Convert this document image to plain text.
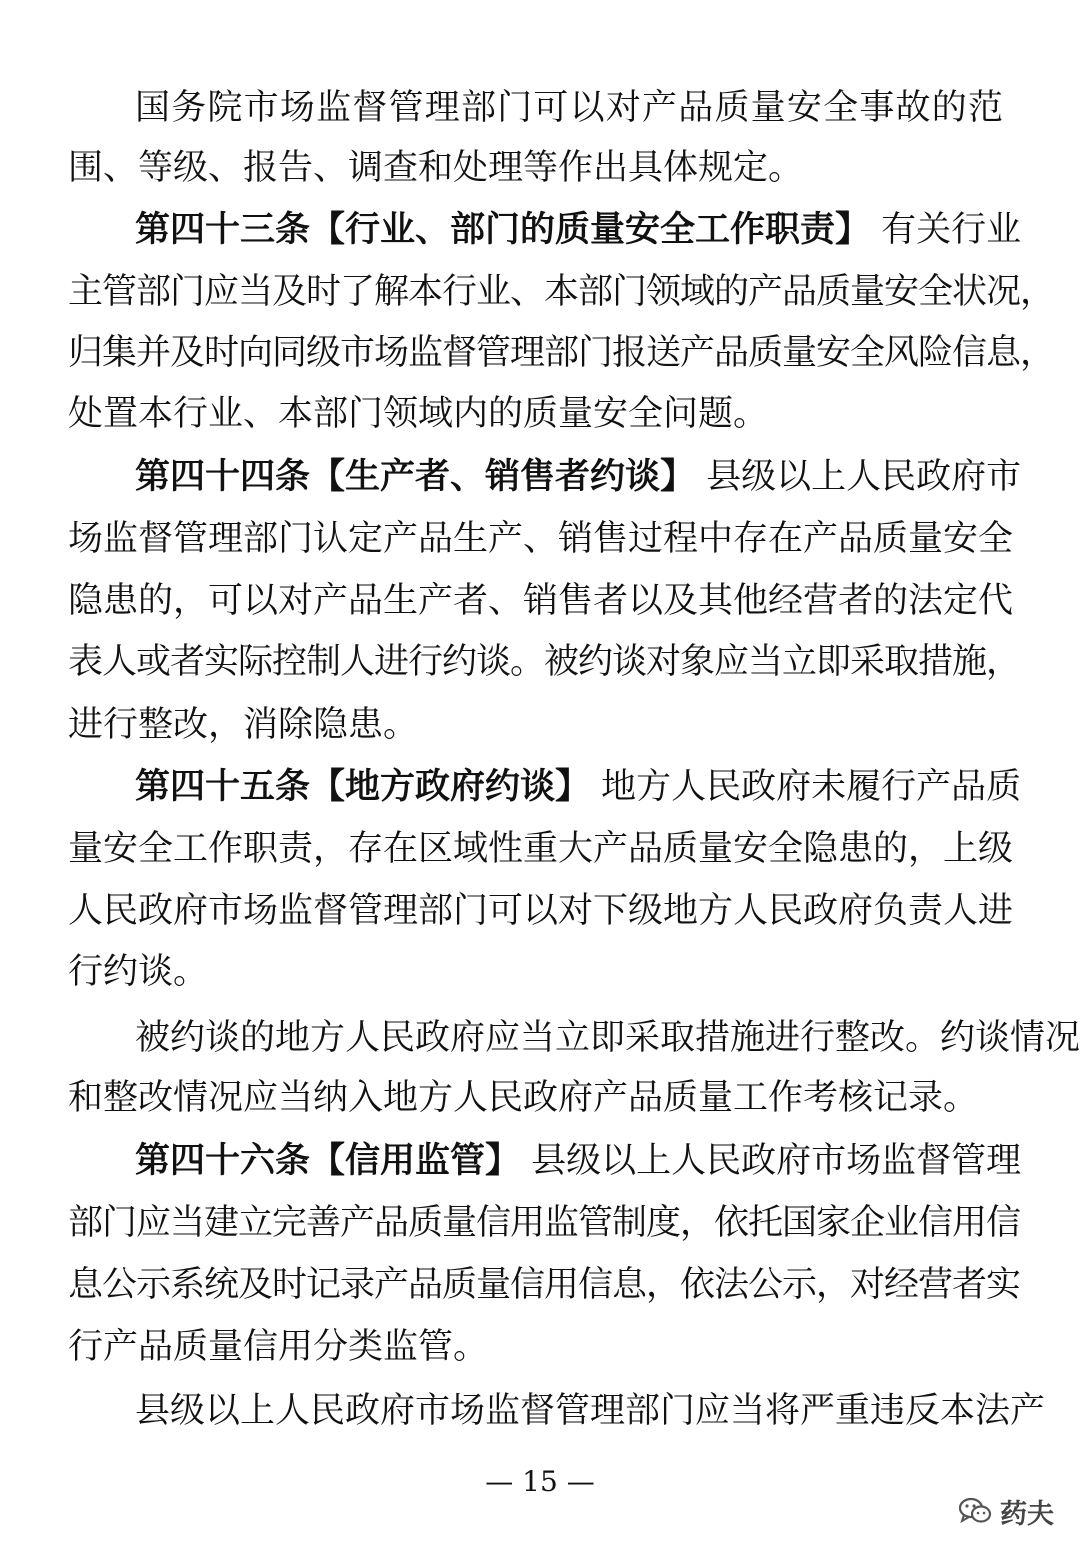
国务院市场监督管理部门可以对产品质量安全事故的范
围、等级、报告、调查和处理等作出具体规定。
第四十三条【行业、部门的质量安全工作职责】 有关行业
主管部门应当及时了解本行业、本部门领域的产品质量安全状况，
归集并及时向同级市场监督管理部门报送产品质量安全风险信息，
处置本行业、本部门领域内的质量安全问题。
第四十四条【生产者、销售者约谈】 县级以上人民政府市
场监督管理部门认定产品生产、销售过程中存在产品质量安全
隐患的，可以对产品生产者、销售者以及其他经营者的法定代
表人或者实际控制人进行约谈。被约谈对象应当立即采取措施，
进行整改，消除隐患。
第四十五条【地方政府约谈】 地方人民政府未履行产品质
量安全工作职责，存在区域性重大产品质量安全隐患的，上级
人民政府市场监督管理部门可以对下级地方人民政府负责人进
行约谈。
被约谈的地方人民政府应当立即采取措施进行整改。约谈情况
和整改情况应当纳入地方人民政府产品质量工作考核记录。
第四十六条【信用监管】 县级以上人民政府市场监督管理
部门应当建立完善产品质量信用监管制度，依托国家企业信用信
息公示系统及时记录产品质量信用信息，依法公示，对经营者实
行产品质量信用分类监管。
县级以上人民政府市场监督管理部门应当将严重违反本法产
— 15 —
药夫
